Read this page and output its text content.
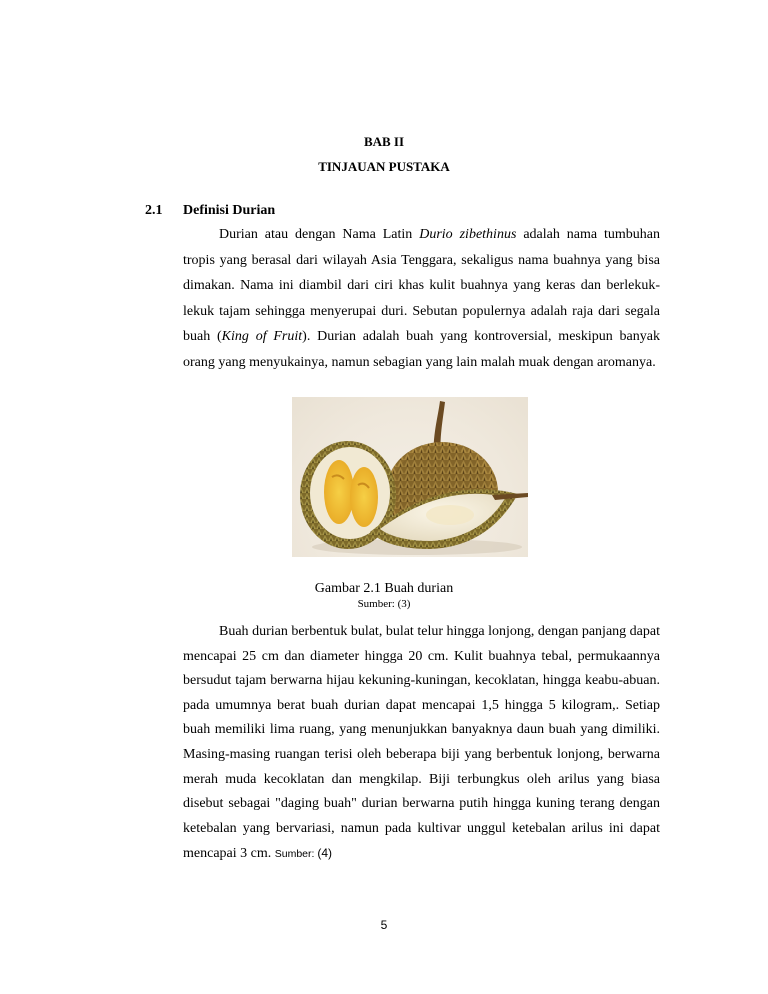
BAB II
TINJAUAN PUSTAKA
2.1 Definisi Durian

Durian atau dengan Nama Latin Durio zibethinus adalah nama tumbuhan tropis yang berasal dari wilayah Asia Tenggara, sekaligus nama buahnya yang bisa dimakan. Nama ini diambil dari ciri khas kulit buahnya yang keras dan berlekuk-lekuk tajam sehingga menyerupai duri. Sebutan populernya adalah raja dari segala buah (King of Fruit). Durian adalah buah yang kontroversial, meskipun banyak orang yang menyukainya, namun sebagian yang lain malah muak dengan aromanya.

Gambar 2.1 Buah durian
Sumber: (3)

Buah durian berbentuk bulat, bulat telur hingga lonjong, dengan panjang dapat mencapai 25 cm dan diameter hingga 20 cm. Kulit buahnya tebal, permukaannya bersudut tajam berwarna hijau kekuning-kuningan, kecoklatan, hingga keabu-abuan. pada umumnya berat buah durian dapat mencapai 1,5 hingga 5 kilogram,. Setiap buah memiliki lima ruang, yang menunjukkan banyaknya daun buah yang dimiliki. Masing-masing ruangan terisi oleh beberapa biji yang berbentuk lonjong, berwarna merah muda kecoklatan dan mengkilap. Biji terbungkus oleh arilus yang biasa disebut sebagai "daging buah" durian berwarna putih hingga kuning terang dengan ketebalan yang bervariasi, namun pada kultivar unggul ketebalan arilus ini dapat mencapai 3 cm. Sumber: (4)

5
